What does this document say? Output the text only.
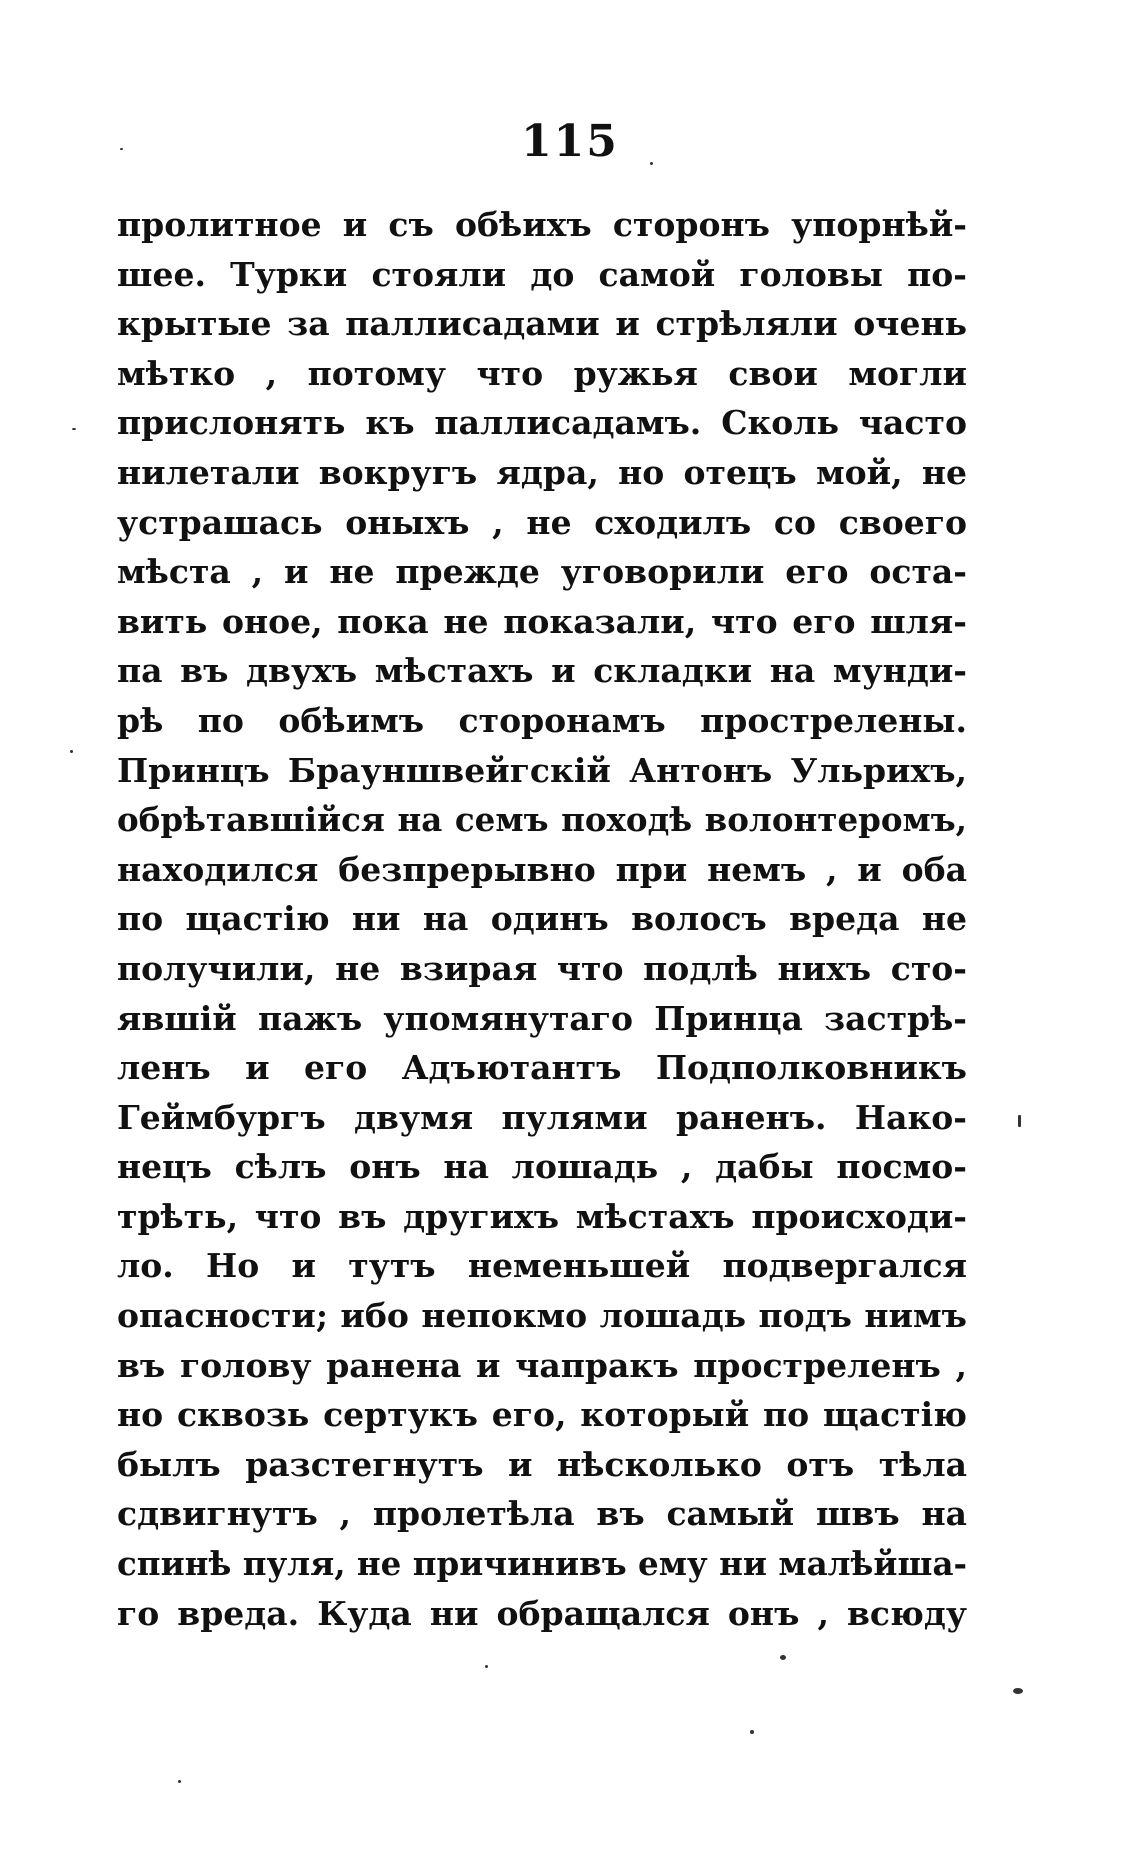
115
пролитное и съ обѣихъ сторонъ упорнѣй-
шее. Турки стояли до самой головы по-
крытые за паллисадами и стрѣляли очень
мѣтко , потому что ружья свои могли
прислонять къ паллисадамъ. Сколь часто
нилетали вокругъ ядра, но отецъ мой, не
устрашась оныхъ , не сходилъ со своего
мѣста , и не прежде уговорили его оста-
вить оное, пока не показали, что его шля-
па въ двухъ мѣстахъ и складки на мунди-
рѣ по обѣимъ сторонамъ прострелены.
Принцъ Брауншвейгскій Антонъ Ульрихъ,
обрѣтавшійся на семъ походѣ волонтеромъ,
находился безпрерывно при немъ , и оба
по щастію ни на одинъ волосъ вреда не
получили, не взирая что подлѣ нихъ сто-
явшій пажъ упомянутаго Принца застрѣ-
ленъ и его Адъютантъ Подполковникъ
Геймбургъ двумя пулями раненъ. Нако-
нецъ сѣлъ онъ на лошадь , дабы посмо-
трѣть, что въ другихъ мѣстахъ происходи-
ло. Но и тутъ неменьшей подвергался
опасности; ибо непокмо лошадь подъ нимъ
въ голову ранена и чапракъ простреленъ ,
но сквозь сертукъ его, который по щастію
былъ разстегнутъ и нѣсколько отъ тѣла
сдвигнутъ , пролетѣла въ самый швъ на
спинѣ пуля, не причинивъ ему ни малѣйша-
го вреда. Куда ни обращался онъ , всюду
